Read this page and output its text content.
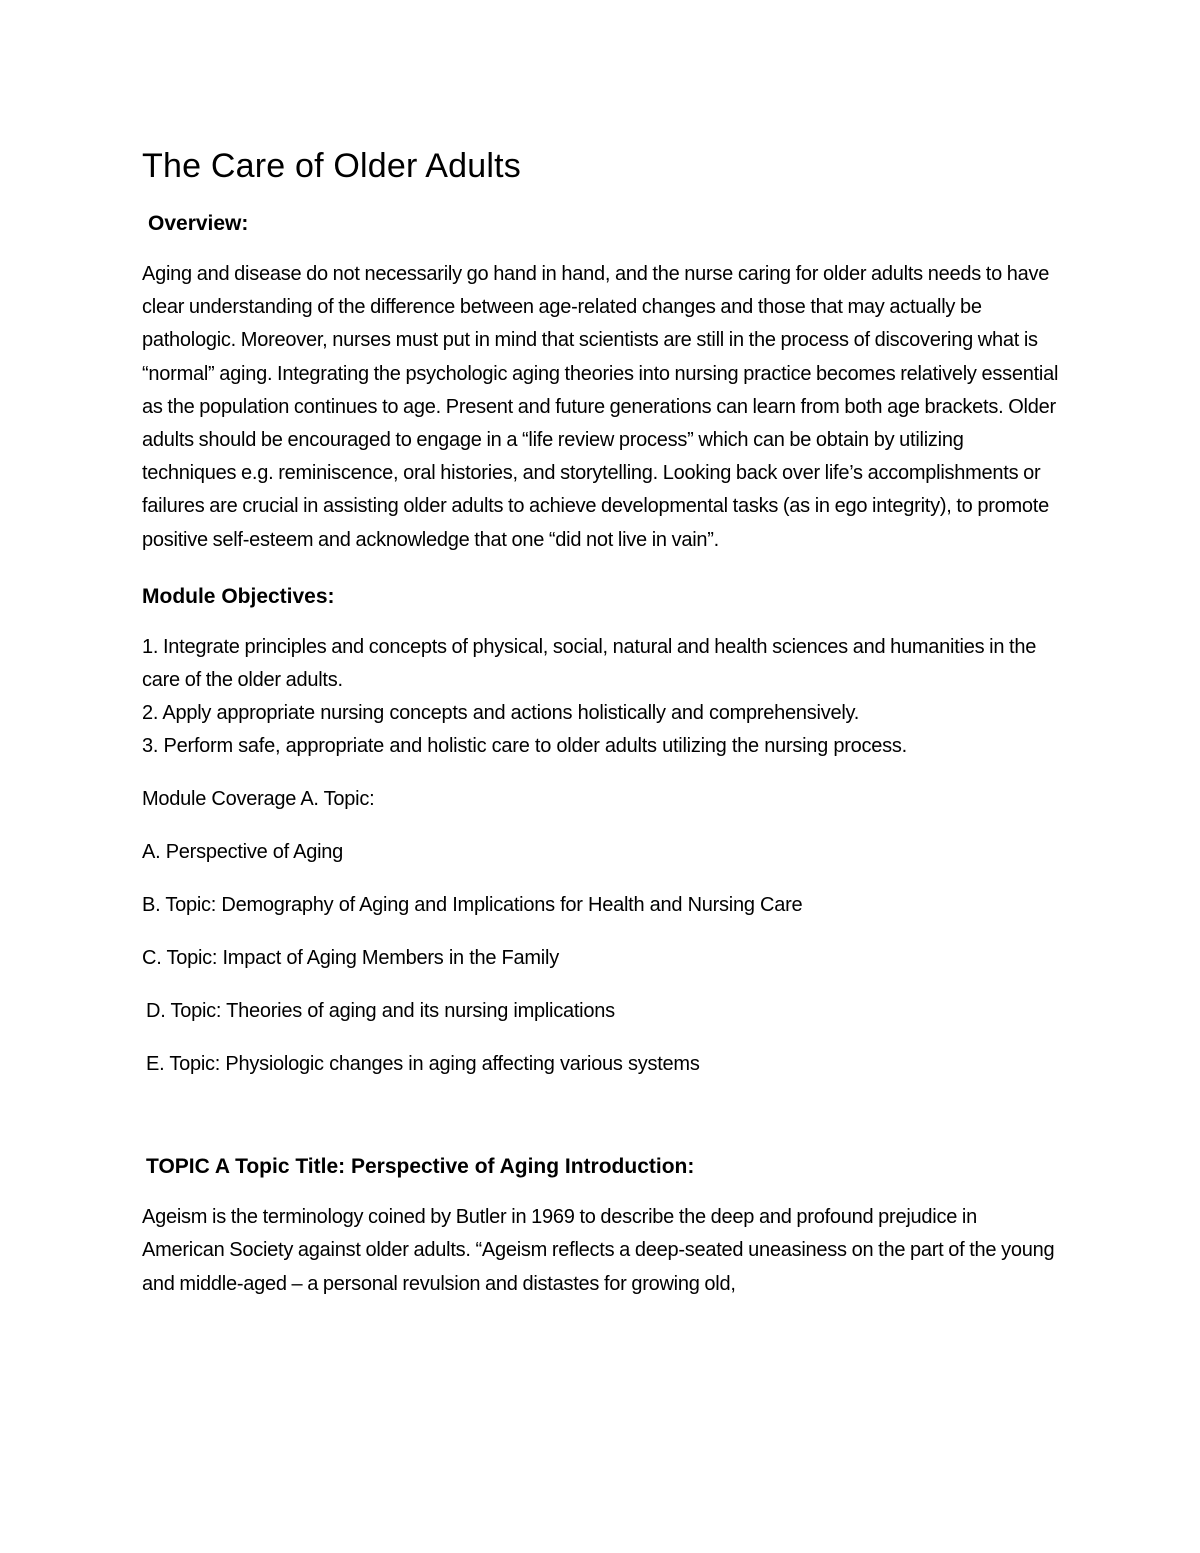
The Care of Older Adults
Overview:

Aging and disease do not necessarily go hand in hand, and the nurse caring for older adults needs to have clear understanding of the difference between age-related changes and those that may actually be pathologic. Moreover, nurses must put in mind that scientists are still in the process of discovering what is “normal” aging. Integrating the psychologic aging theories into nursing practice becomes relatively essential as the population continues to age. Present and future generations can learn from both age brackets. Older adults should be encouraged to engage in a “life review process” which can be obtain by utilizing techniques e.g. reminiscence, oral histories, and storytelling. Looking back over life’s accomplishments or failures are crucial in assisting older adults to achieve developmental tasks (as in ego integrity), to promote positive self-esteem and acknowledge that one “did not live in vain”.

Module Objectives:

1. Integrate principles and concepts of physical, social, natural and health sciences and humanities in the care of the older adults.

2. Apply appropriate nursing concepts and actions holistically and comprehensively.

3. Perform safe, appropriate and holistic care to older adults utilizing the nursing process.

Module Coverage A. Topic:

A. Perspective of Aging

B. Topic: Demography of Aging and Implications for Health and Nursing Care

C. Topic: Impact of Aging Members in the Family

D. Topic: Theories of aging and its nursing implications

E. Topic: Physiologic changes in aging affecting various systems

TOPIC A Topic Title: Perspective of Aging Introduction:

Ageism is the terminology coined by Butler in 1969 to describe the deep and profound prejudice in American Society against older adults. “Ageism reflects a deep-seated uneasiness on the part of the young and middle-aged – a personal revulsion and distastes for growing old,
